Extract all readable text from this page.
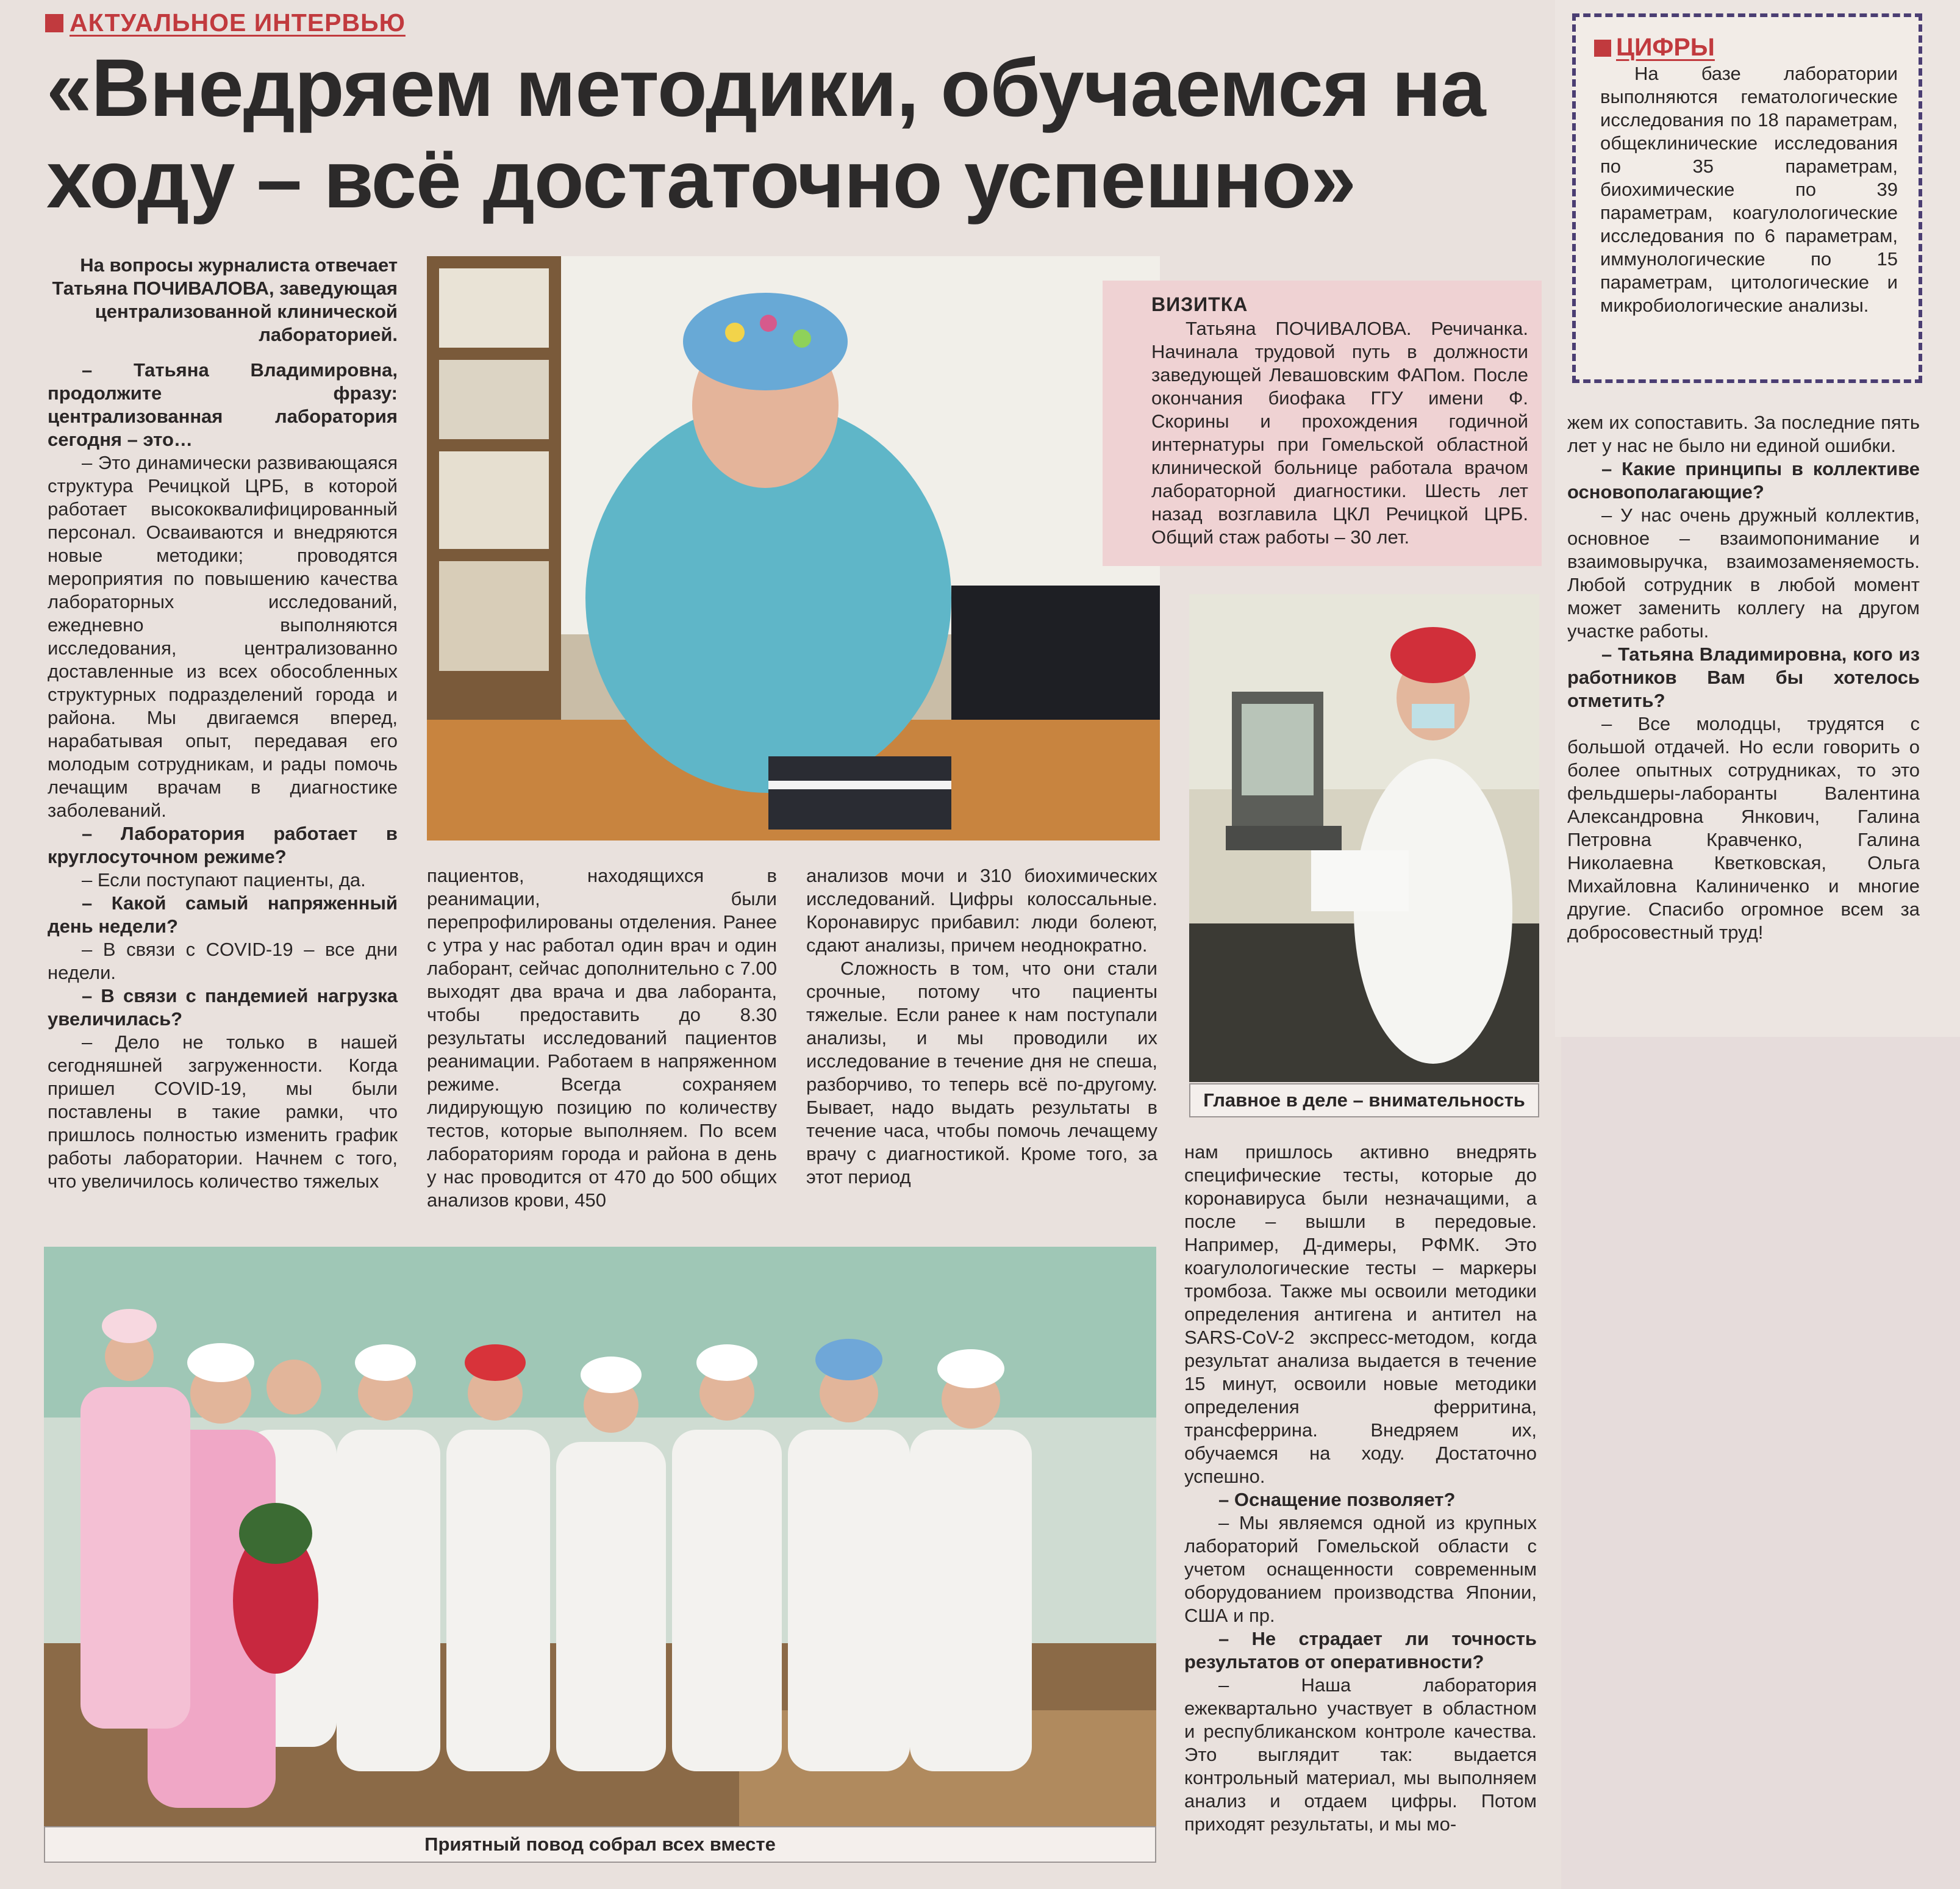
АКТУАЛЬНОЕ ИНТЕРВЬЮ
«Внедряем методики, обучаемся на ходу – всё достаточно успешно»

На вопросы журналиста отвечает Татьяна ПОЧИВАЛОВА, заведующая централизованной клинической лабораторией.

– Татьяна Владимировна, продолжите фразу: централизованная лаборатория сегодня – это…

– Это динамически развивающаяся структура Речицкой ЦРБ, в которой работает высококвалифицированный персонал. Осваиваются и внедряются новые методики; проводятся мероприятия по повышению качества лабораторных исследований, ежедневно выполняются исследования, централизованно доставленные из всех обособленных структурных подразделений города и района. Мы двигаемся вперед, нарабатывая опыт, передавая его молодым сотрудникам, и рады помочь лечащим врачам в диагностике заболеваний.

– Лаборатория работает в круглосуточном режиме?

– Если поступают пациенты, да.

– Какой самый напряженный день недели?

– В связи с COVID-19 – все дни недели.

– В связи с пандемией нагрузка увеличилась?

– Дело не только в нашей сегодняшней загруженности. Когда пришел COVID-19, мы были поставлены в такие рамки, что пришлось полностью изменить график работы лаборатории. Начнем с того, что увеличилось количество тяжелых

ВИЗИТКА

Татьяна ПОЧИВАЛОВА. Речичанка. Начинала трудовой путь в должности заведующей Левашовским ФАПом. После окончания биофака ГГУ имени Ф. Скорины и прохождения годичной интернатуры при Гомельской областной клинической больнице работала врачом лабораторной диагностики. Шесть лет назад возглавила ЦКЛ Речицкой ЦРБ. Общий стаж работы – 30 лет.

ЦИФРЫ

На базе лаборатории выполняются гематологические исследования по 18 параметрам, общеклинические исследования по 35 параметрам, биохимические по 39 параметрам, коагулологические исследования по 6 параметрам, иммунологические по 15 параметрам, цитологические и микробиологические анализы.

Главное в деле – внимательность

пациентов, находящихся в реанимации, были перепрофилированы отделения. Ранее с утра у нас работал один врач и один лаборант, сейчас дополнительно с 7.00 выходят два врача и два лаборанта, чтобы предоставить до 8.30 результаты исследований пациентов реанимации. Работаем в напряженном режиме. Всегда сохраняем лидирующую позицию по количеству тестов, которые выполняем. По всем лабораториям города и района в день у нас проводится от 470 до 500 общих анализов крови, 450

анализов мочи и 310 биохимических исследований. Цифры колоссальные. Коронавирус прибавил: люди болеют, сдают анализы, причем неоднократно.

Сложность в том, что они стали срочные, потому что пациенты тяжелые. Если ранее к нам поступали анализы, и мы проводили их исследование в течение дня не спеша, разборчиво, то теперь всё по-другому. Бывает, надо выдать результаты в течение часа, чтобы помочь лечащему врачу с диагностикой. Кроме того, за этот период

Приятный повод собрал всех вместе

нам пришлось активно внедрять специфические тесты, которые до коронавируса были незначащими, а после – вышли в передовые. Например, Д-димеры, РФМК. Это коагулологические тесты – маркеры тромбоза. Также мы освоили методики определения антигена и антител на SARS-CoV-2 экспресс-методом, когда результат анализа выдается в течение 15 минут, освоили новые методики определения ферритина, трансферрина. Внедряем их, обучаемся на ходу. Достаточно успешно.

– Оснащение позволяет?

– Мы являемся одной из крупных лабораторий Гомельской области с учетом оснащенности современным оборудованием производства Японии, США и пр.

– Не страдает ли точность результатов от оперативности?

– Наша лаборатория ежеквартально участвует в областном и республиканском контроле качества. Это выглядит так: выдается контрольный материал, мы выполняем анализ и отдаем цифры. Потом приходят результаты, и мы мо-

жем их сопоставить. За последние пять лет у нас не было ни единой ошибки.

– Какие принципы в коллективе основополагающие?

– У нас очень дружный коллектив, основное – взаимопонимание и взаимовыручка, взаимозаменяемость. Любой сотрудник в любой момент может заменить коллегу на другом участке работы.

– Татьяна Владимировна, кого из работников Вам бы хотелось отметить?

– Все молодцы, трудятся с большой отдачей. Но если говорить о более опытных сотрудниках, то это фельдшеры-лаборанты Валентина Александровна Янкович, Галина Петровна Кравченко, Галина Николаевна Кветковская, Ольга Михайловна Калиниченко и многие другие. Спасибо огромное всем за добросовестный труд!
